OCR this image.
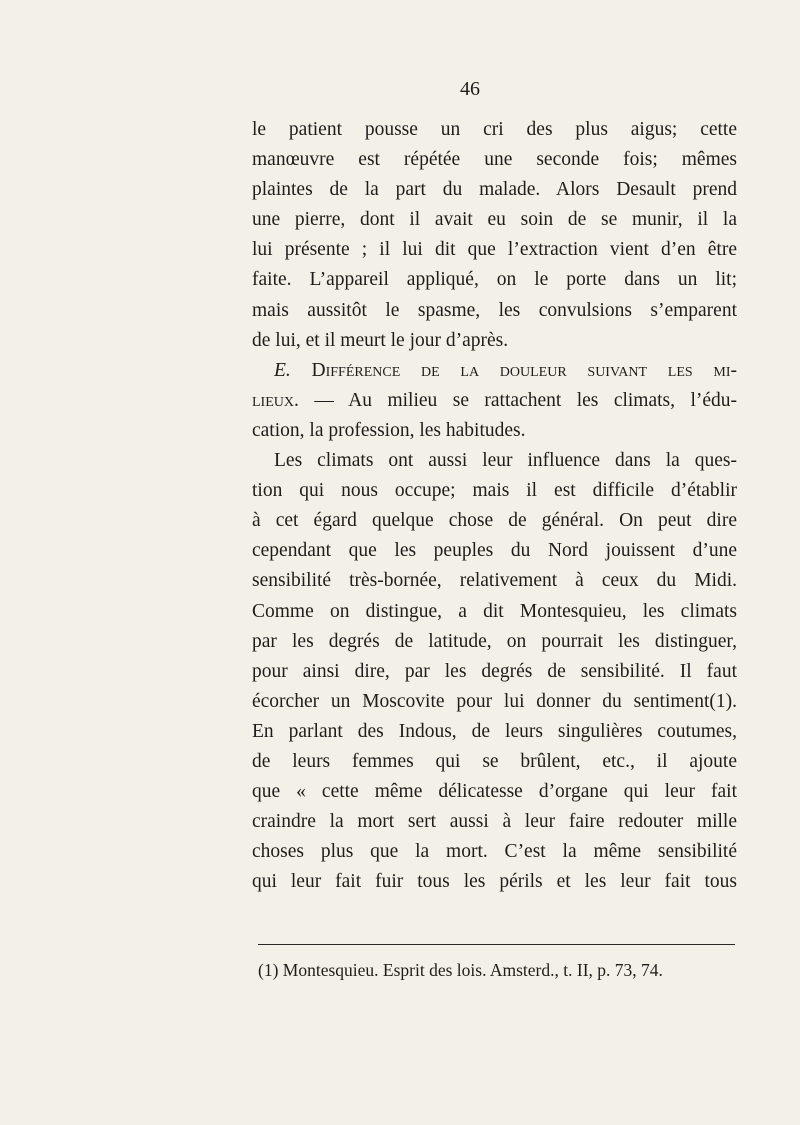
46
le patient pousse un cri des plus aigus; cette
manœuvre est répétée une seconde fois; mêmes
plaintes de la part du malade. Alors Desault prend
une pierre, dont il avait eu soin de se munir, il la
lui présente ; il lui dit que l’extraction vient d’en être
faite. L’appareil appliqué, on le porte dans un lit;
mais aussitôt le spasme, les convulsions s’emparent
de lui, et il meurt le jour d’après.
E. Différence de la douleur suivant les mi-
lieux. — Au milieu se rattachent les climats, l’édu-
cation, la profession, les habitudes.
Les climats ont aussi leur influence dans la ques-
tion qui nous occupe; mais il est difficile d’établir
à cet égard quelque chose de général. On peut dire
cependant que les peuples du Nord jouissent d’une
sensibilité très-bornée, relativement à ceux du Midi.
Comme on distingue, a dit Montesquieu, les climats
par les degrés de latitude, on pourrait les distinguer,
pour ainsi dire, par les degrés de sensibilité. Il faut
écorcher un Moscovite pour lui donner du sentiment(1).
En parlant des Indous, de leurs singulières coutumes,
de leurs femmes qui se brûlent, etc., il ajoute
que « cette même délicatesse d’organe qui leur fait
craindre la mort sert aussi à leur faire redouter mille
choses plus que la mort. C’est la même sensibilité
qui leur fait fuir tous les périls et les leur fait tous
(1) Montesquieu. Esprit des lois. Amsterd., t. II, p. 73, 74.
